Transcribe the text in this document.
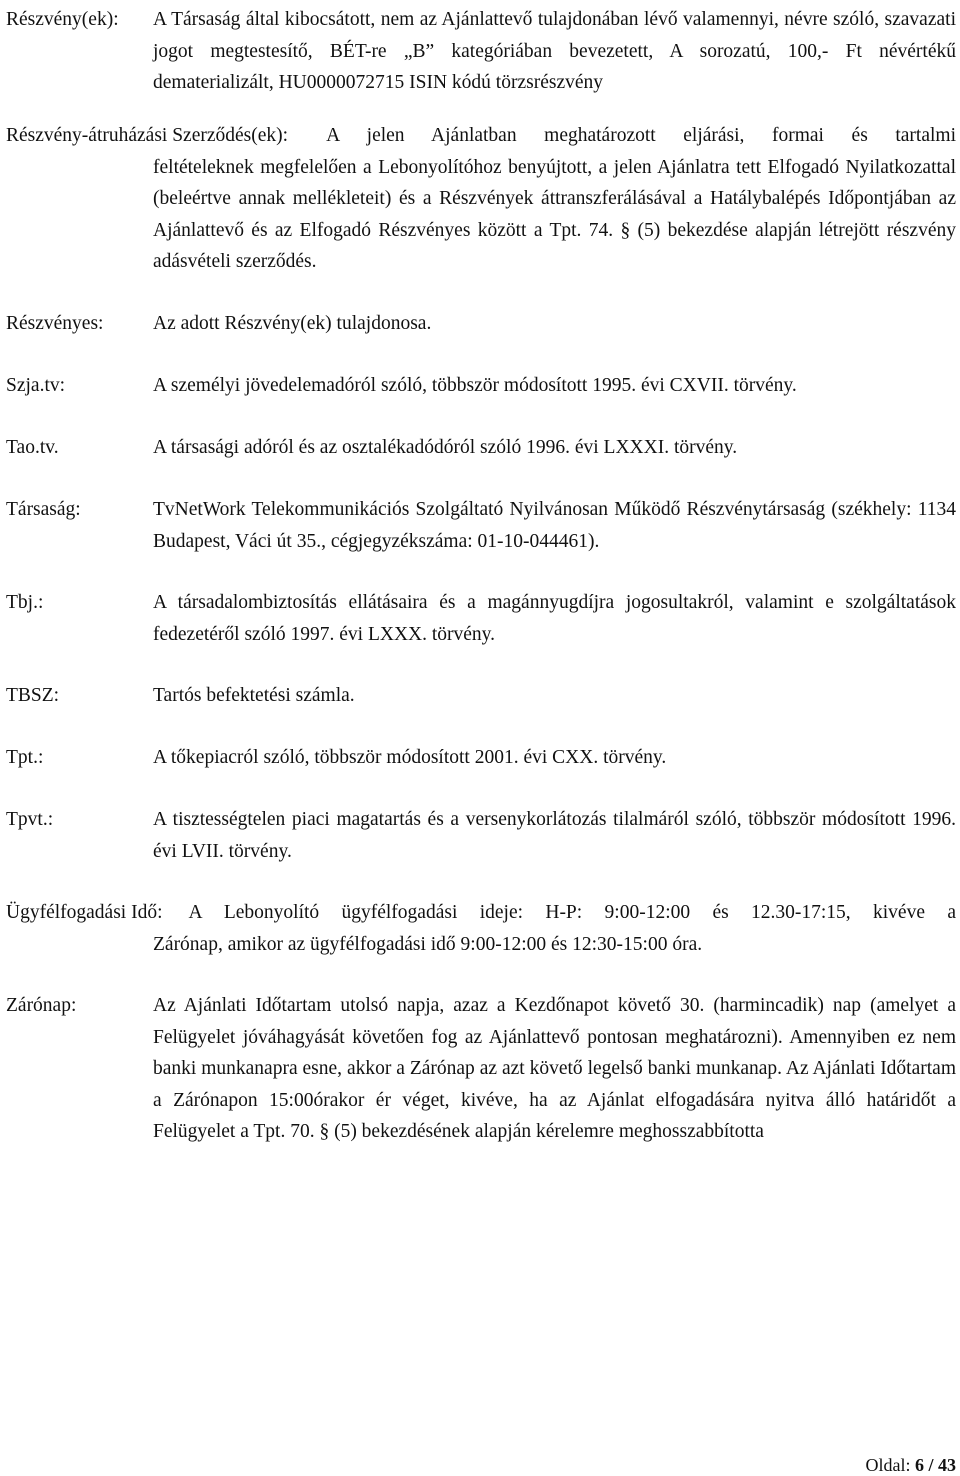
Részvény(ek): A Társaság által kibocsátott, nem az Ajánlattevő tulajdonában lévő valamennyi, névre szóló, szavazati jogot megtestesítő, BÉT-re „B” kategóriában bevezetett, A sorozatú, 100,- Ft névértékű dematerializált, HU0000072715 ISIN kódú törzsrészvény
Részvény-átruházási Szerződés(ek): A jelen Ajánlatban meghatározott eljárási, formai és tartalmi
feltételeknek megfelelően a Lebonyolítóhoz benyújtott, a jelen Ajánlatra tett Elfogadó Nyilatkozattal (beleértve annak mellékleteit) és a Részvények áttranszferálásával a Hatálybalépés Időpontjában az Ajánlattevő és az Elfogadó Részvényes között a Tpt. 74. § (5) bekezdése alapján létrejött részvény adásvételi szerződés.
Részvényes:	Az adott Részvény(ek) tulajdonosa.
Szja.tv:	A személyi jövedelemadóról szóló, többször módosított 1995. évi CXVII. törvény.
Tao.tv.	A társasági adóról és az osztalékadódóról szóló 1996. évi LXXXI. törvény.
Társaság:	TvNetWork Telekommunikációs Szolgáltató Nyilvánosan Működő Részvénytársaság (székhely: 1134 Budapest, Váci út 35., cégjegyzékszáma: 01-10-044461).
Tbj.:	A társadalombiztosítás ellátásaira és a magánnyugdíjra jogosultakról, valamint e szolgáltatások fedezetéről szóló 1997. évi LXXX. törvény.
TBSZ:	Tartós befektetési számla.
Tpt.:	A tőkepiacról szóló, többször módosított 2001. évi CXX. törvény.
Tpvt.:	A tisztességtelen piaci magatartás és a versenykorlátozás tilalmáról szóló, többször módosított 1996. évi LVII. törvény.
Ügyfélfogadási Idő: A Lebonyolító ügyfélfogadási ideje: H-P: 9:00-12:00 és 12.30-17:15, kivéve a
Zárónap, amikor az ügyfélfogadási idő 9:00-12:00 és 12:30-15:00 óra.
Zárónap:	Az Ajánlati Időtartam utolsó napja, azaz a Kezdőnapot követő 30. (harmincadik) nap (amelyet a Felügyelet jóváhagyását követően fog az Ajánlattevő pontosan meghatározni). Amennyiben ez nem banki munkanapra esne, akkor a Zárónap az azt követő legelső banki munkanap. Az Ajánlati Időtartam a Zárónapon 15:00órakor ér véget, kivéve, ha az Ajánlat elfogadására nyitva álló határidőt a Felügyelet a Tpt. 70. § (5) bekezdésének alapján kérelemre meghosszabbította
Oldal: 6 / 43
